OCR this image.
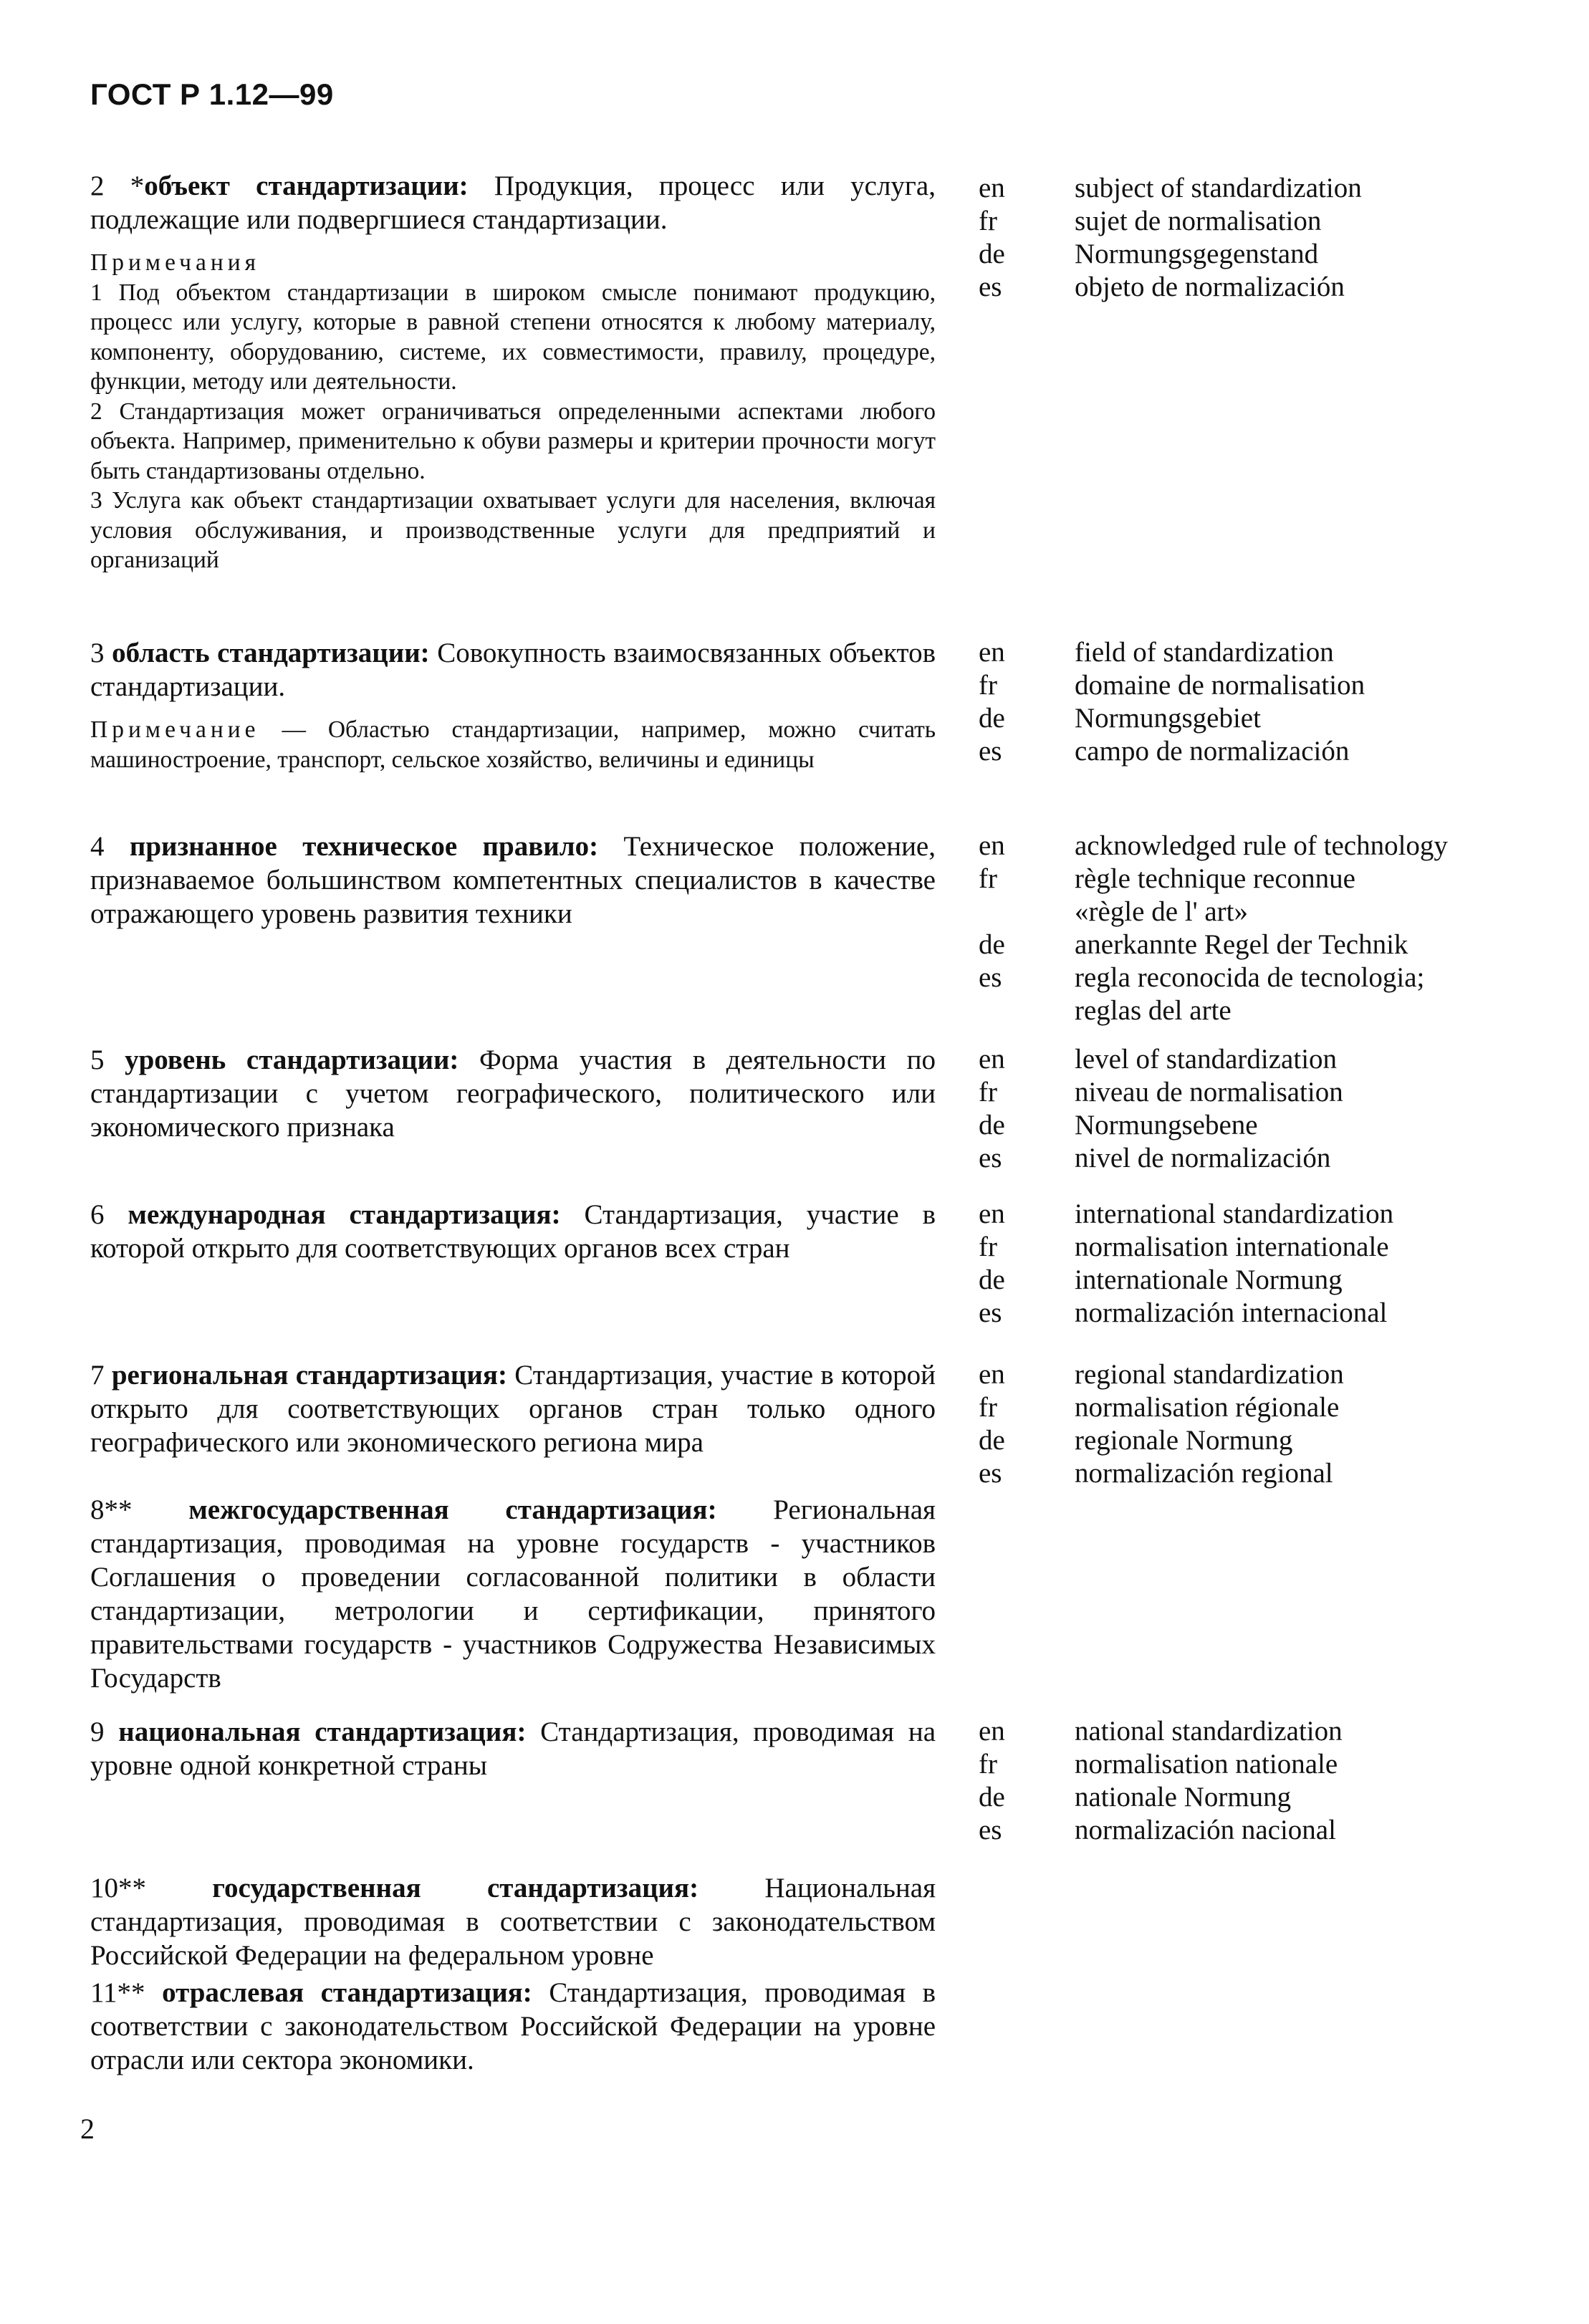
ГОСТ Р 1.12—99
2 *объект стандартизации: Продукция, процесс или услуга, подлежащие или подвергшиеся стандартизации.

Примечания

1 Под объектом стандартизации в широком смысле понимают продукцию, процесс или услугу, которые в равной степени относятся к любому материалу, компоненту, оборудованию, системе, их совместимости, правилу, процедуре, функции, методу или деятельности.

2 Стандартизация может ограничиваться определенными аспектами любого объекта. Например, применительно к обуви размеры и критерии прочности могут быть стандартизованы отдельно.

3 Услуга как объект стандартизации охватывает услуги для населения, включая условия обслуживания, и производственные услуги для предприятий и организаций

en
fr
de
es
subject of standardization
sujet de normalisation
Normungsgegenstand
objeto de normalización
3 область стандартизации: Совокупность взаимосвязанных объектов стандартизации.
Примечание — Областью стандартизации, например, можно считать машиностроение, транспорт, сельское хозяйство, величины и единицы
en
fr
de
es
field of standardization
domaine de normalisation
Normungsgebiet
campo de normalización
4 признанное техническое правило: Техническое положение, признаваемое большинством компетентных специалистов в качестве отражающего уровень развития техники
en
fr
de
es
acknowledged rule of technology
règle technique reconnue
«règle de l' art»
anerkannte Regel der Technik
regla reconocida de tecnologia;
reglas del arte
5 уровень стандартизации: Форма участия в деятельности по стандартизации с учетом географического, политического или экономического признака
en
fr
de
es
level of standardization
niveau de normalisation
Normungsebene
nivel de normalización
6 международная стандартизация: Стандартизация, участие в которой открыто для соответствующих органов всех стран
en
fr
de
es
international standardization
normalisation internationale
internationale Normung
normalización internacional
7 региональная стандартизация: Стандартизация, участие в которой открыто для соответствующих органов стран только одного географического или экономического региона мира
en
fr
de
es
regional standardization
normalisation régionale
regionale Normung
normalización regional
8** межгосударственная стандартизация: Региональная стандартизация, проводимая на уровне государств - участников Соглашения о проведении согласованной политики в области стандартизации, метрологии и сертификации, принятого правительствами государств - участников Содружества Независимых Государств
9 национальная стандартизация: Стандартизация, проводимая на уровне одной конкретной страны
en
fr
de
es
national standardization
normalisation nationale
nationale Normung
normalización nacional
10** государственная стандартизация: Национальная стандартизация, проводимая в соответствии с законодательством Российской Федерации на федеральном уровне
11** отраслевая стандартизация: Стандартизация, проводимая в соответствии с законодательством Российской Федерации на уровне отрасли или сектора экономики.
2
